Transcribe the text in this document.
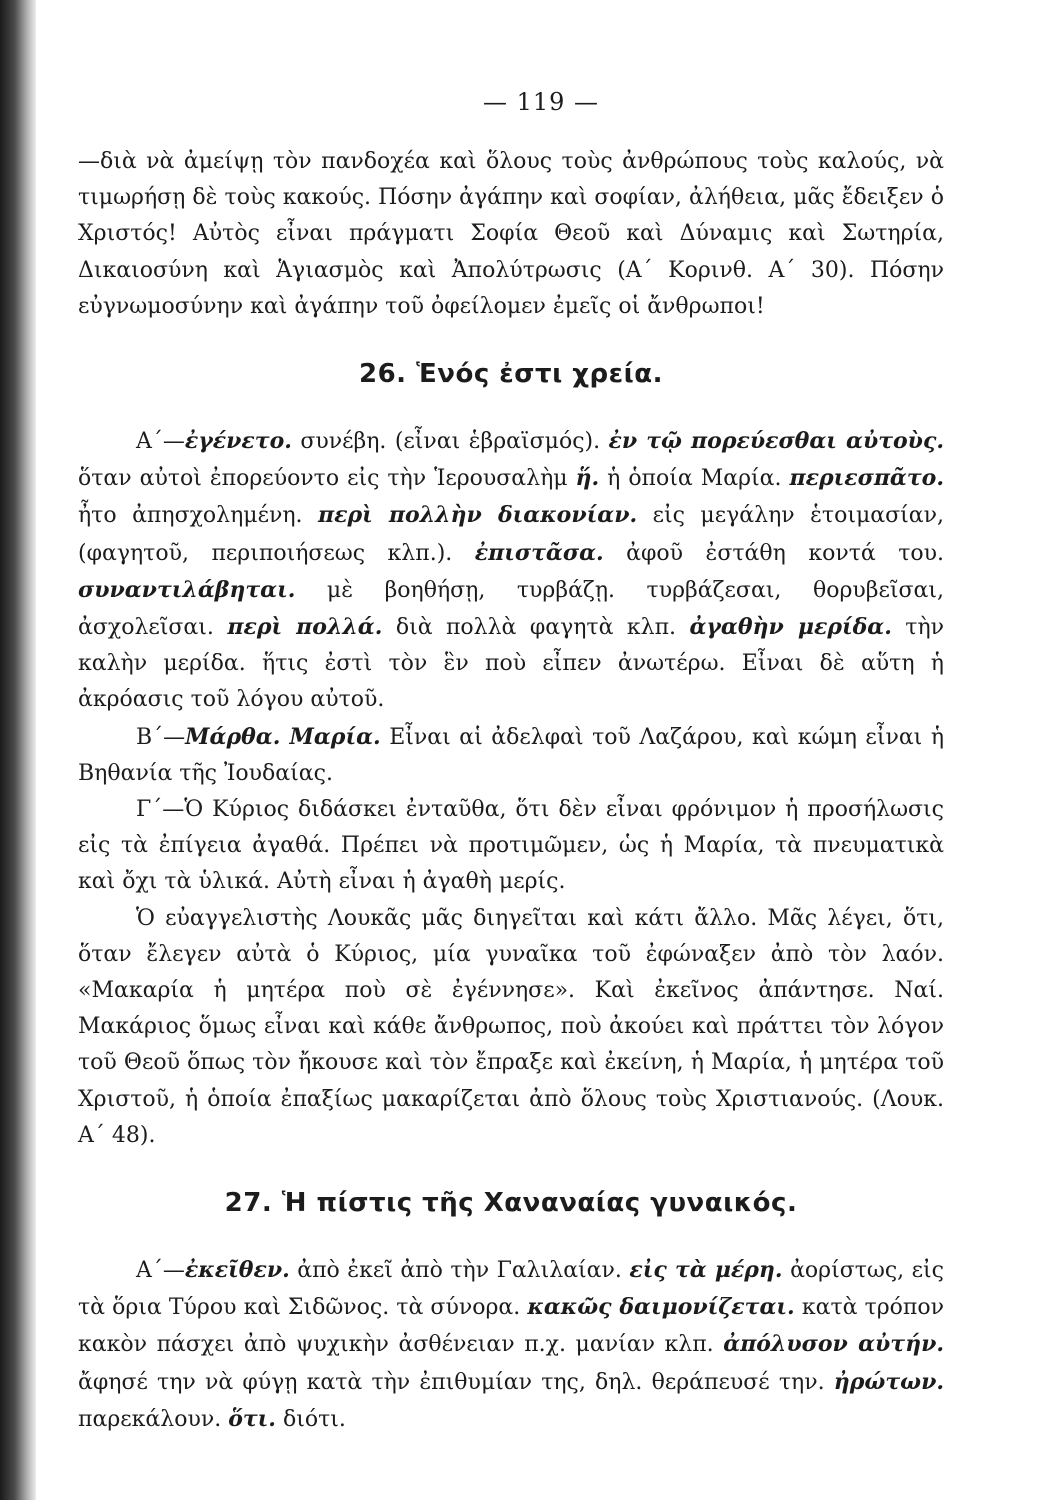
— 119 —

—διὰ νὰ ἀμείψῃ τὸν πανδοχέα καὶ ὅλους τοὺς ἀνθρώπους τοὺς καλούς, νὰ τιμωρήσῃ δὲ τοὺς κακούς. Πόσην ἀγάπην καὶ σοφίαν, ἀλήθεια, μᾶς ἔδειξεν ὁ Χριστός! Αὐτὸς εἶναι πράγματι Σοφία Θεοῦ καὶ Δύναμις καὶ Σωτηρία, Δικαιοσύνη καὶ Ἁγιασμὸς καὶ Ἀπολύτρωσις (Α΄ Κορινθ. Α΄ 30). Πόσην εὐγνωμοσύνην καὶ ἀγάπην τοῦ ὀφείλομεν ἐμεῖς οἱ ἄνθρωποι!

26. Ἑνός ἐστι χρεία.

Α΄—ἐγένετο. συνέβη. (εἶναι ἑβραϊσμός). ἐν τῷ πορεύεσθαι αὐτοὺς. ὅταν αὐτοὶ ἐπορεύοντο εἰς τὴν Ἱερουσαλὴμ ἥ. ἡ ὁποία Μαρία. περιεσπᾶτο. ἦτο ἀπησχολημένη. περὶ πολλὴν διακονίαν. εἰς μεγάλην ἑτοιμασίαν, (φαγητοῦ, περιποιήσεως κλπ.). ἐπιστᾶσα. ἀφοῦ ἐστάθη κοντά του. συναντιλάβηται. μὲ βοηθήσῃ, τυρβάζῃ. τυρβάζεσαι, θορυβεῖσαι, ἀσχολεῖσαι. περὶ πολλά. διὰ πολλὰ φαγητὰ κλπ. ἀγαθὴν μερίδα. τὴν καλὴν μερίδα. ἥτις ἐστὶ τὸν ἓν ποὺ εἶπεν ἀνωτέρω. Εἶναι δὲ αὕτη ἡ ἀκρόασις τοῦ λόγου αὐτοῦ.

Β΄—Μάρθα. Μαρία. Εἶναι αἱ ἀδελφαὶ τοῦ Λαζάρου, καὶ κώμη εἶναι ἡ Βηθανία τῆς Ἰουδαίας.

Γ΄—Ὁ Κύριος διδάσκει ἐνταῦθα, ὅτι δὲν εἶναι φρόνιμον ἡ προσήλωσις εἰς τὰ ἐπίγεια ἀγαθά. Πρέπει νὰ προτιμῶμεν, ὡς ἡ Μαρία, τὰ πνευματικὰ καὶ ὄχι τὰ ὑλικά. Αὐτὴ εἶναι ἡ ἀγαθὴ μερίς.

Ὁ εὐαγγελιστὴς Λουκᾶς μᾶς διηγεῖται καὶ κάτι ἄλλο. Μᾶς λέγει, ὅτι, ὅταν ἔλεγεν αὐτὰ ὁ Κύριος, μία γυναῖκα τοῦ ἐφώναξεν ἀπὸ τὸν λαόν. «Μακαρία ἡ μητέρα ποὺ σὲ ἐγέννησε». Καὶ ἐκεῖνος ἀπάντησε. Ναί. Μακάριος ὅμως εἶναι καὶ κάθε ἄνθρωπος, ποὺ ἀκούει καὶ πράττει τὸν λόγον τοῦ Θεοῦ ὅπως τὸν ἤκουσε καὶ τὸν ἔπραξε καὶ ἐκείνη, ἡ Μαρία, ἡ μητέρα τοῦ Χριστοῦ, ἡ ὁποία ἐπαξίως μακαρίζεται ἀπὸ ὅλους τοὺς Χριστιανούς. (Λουκ. Α΄ 48).

27. Ἡ πίστις τῆς Χαναναίας γυναικός.

Α΄—ἐκεῖθεν. ἀπὸ ἐκεῖ ἀπὸ τὴν Γαλιλαίαν. εἰς τὰ μέρη. ἀορίστως, εἰς τὰ ὅρια Τύρου καὶ Σιδῶνος. τὰ σύνορα. κακῶς δαιμονίζεται. κατὰ τρόπον κακὸν πάσχει ἀπὸ ψυχικὴν ἀσθένειαν π.χ. μανίαν κλπ. ἀπόλυσον αὐτήν. ἄφησέ την νὰ φύγῃ κατὰ τὴν ἐπιθυμίαν της, δηλ. θεράπευσέ την. ἠρώτων. παρεκάλουν. ὅτι. διότι.
